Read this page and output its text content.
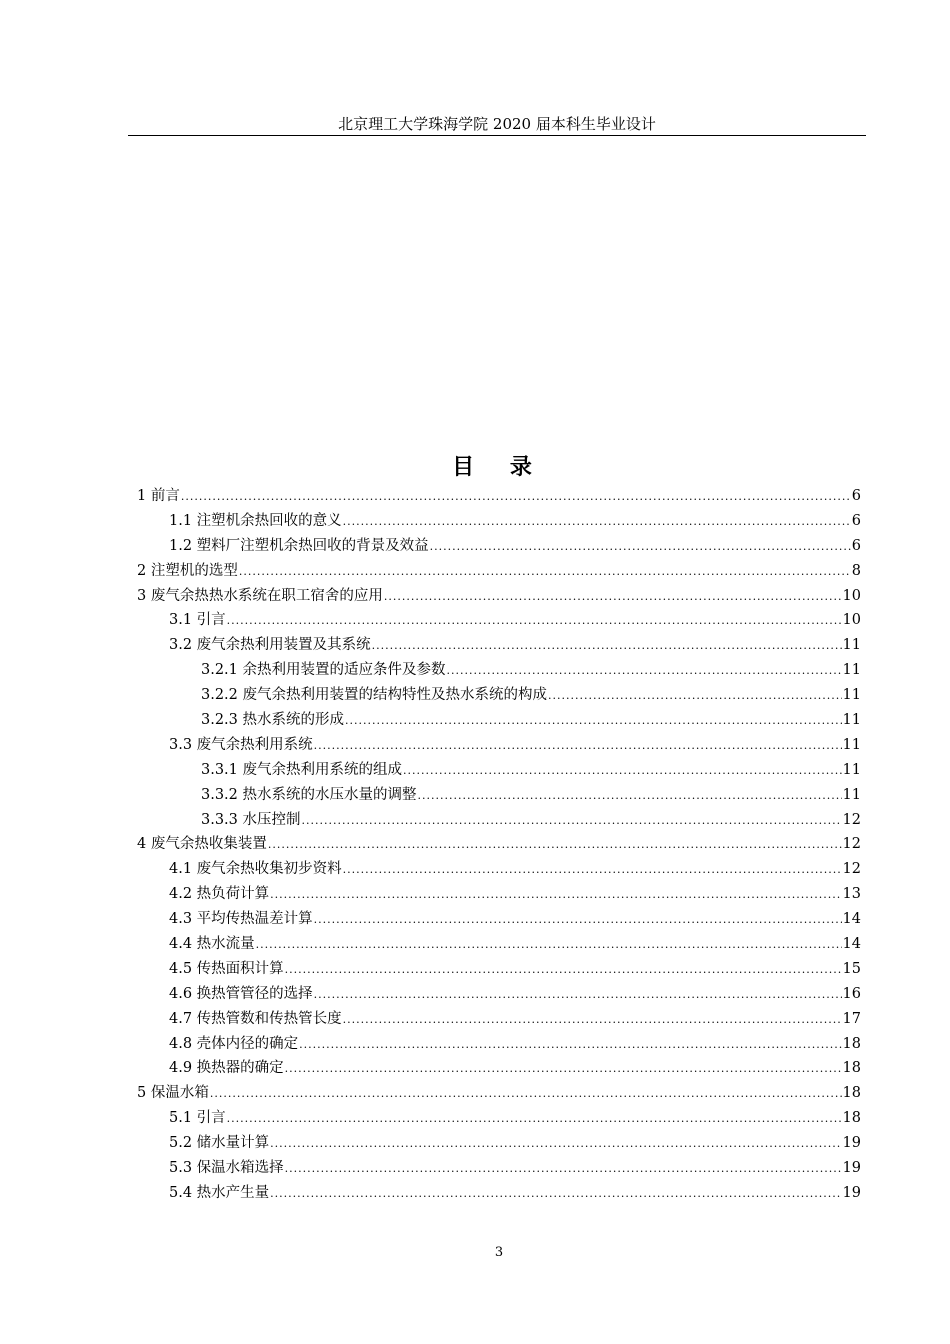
北京理工大学珠海学院 2020 届本科生毕业设计
目 录
1 前言 .....	6
1.1 注塑机余热回收的意义 .....	6
1.2 塑料厂注塑机余热回收的背景及效益 .....	6
2 注塑机的选型 .....	8
3 废气余热热水系统在职工宿舍的应用 .....	10
3.1 引言 .....	10
3.2 废气余热利用装置及其系统 .....	11
3.2.1 余热利用装置的适应条件及参数 .....	11
3.2.2 废气余热利用装置的结构特性及热水系统的构成 .....	11
3.2.3 热水系统的形成 .....	11
3.3 废气余热利用系统 .....	11
3.3.1 废气余热利用系统的组成 .....	11
3.3.2 热水系统的水压水量的调整 .....	11
3.3.3 水压控制 .....	12
4 废气余热收集装置 .....	12
4.1 废气余热收集初步资料 .....	12
4.2 热负荷计算 .....	13
4.3 平均传热温差计算 .....	14
4.4 热水流量 .....	14
4.5 传热面积计算 .....	15
4.6 换热管管径的选择 .....	16
4.7 传热管数和传热管长度 .....	17
4.8 壳体内径的确定 .....	18
4.9 换热器的确定 .....	18
5 保温水箱 .....	18
5.1 引言 .....	18
5.2 储水量计算 .....	19
5.3 保温水箱选择 .....	19
5.4 热水产生量 .....	19
3
